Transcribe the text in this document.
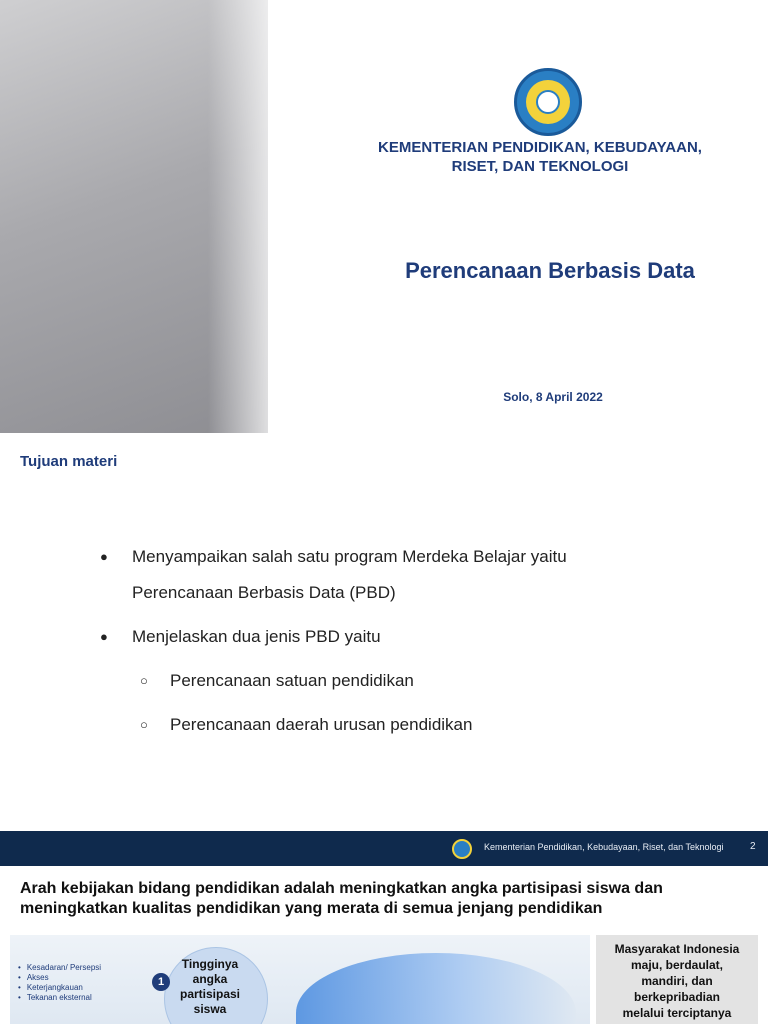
KEMENTERIAN PENDIDIKAN, KEBUDAYAAN,
RISET, DAN TEKNOLOGI
Perencanaan Berbasis Data
Solo, 8 April 2022
Tujuan materi
● Menyampaikan salah satu program Merdeka Belajar yaitu
Perencanaan Berbasis Data (PBD)
● Menjelaskan dua jenis PBD yaitu
○ Perencanaan satuan pendidikan
○ Perencanaan daerah urusan pendidikan
Kementerian Pendidikan, Kebudayaan, Riset, dan Teknologi	2
Arah kebijakan bidang pendidikan adalah meningkatkan angka partisipasi siswa dan
meningkatkan kualitas pendidikan yang merata di semua jenjang pendidikan
• Kesadaran/ Persepsi
• Akses
• Keterjangkauan
• Tekanan eksternal
1
Tingginya
angka
partisipasi
siswa
Masyarakat Indonesia
maju, berdaulat,
mandiri, dan
berkepribadian
melalui terciptanya
